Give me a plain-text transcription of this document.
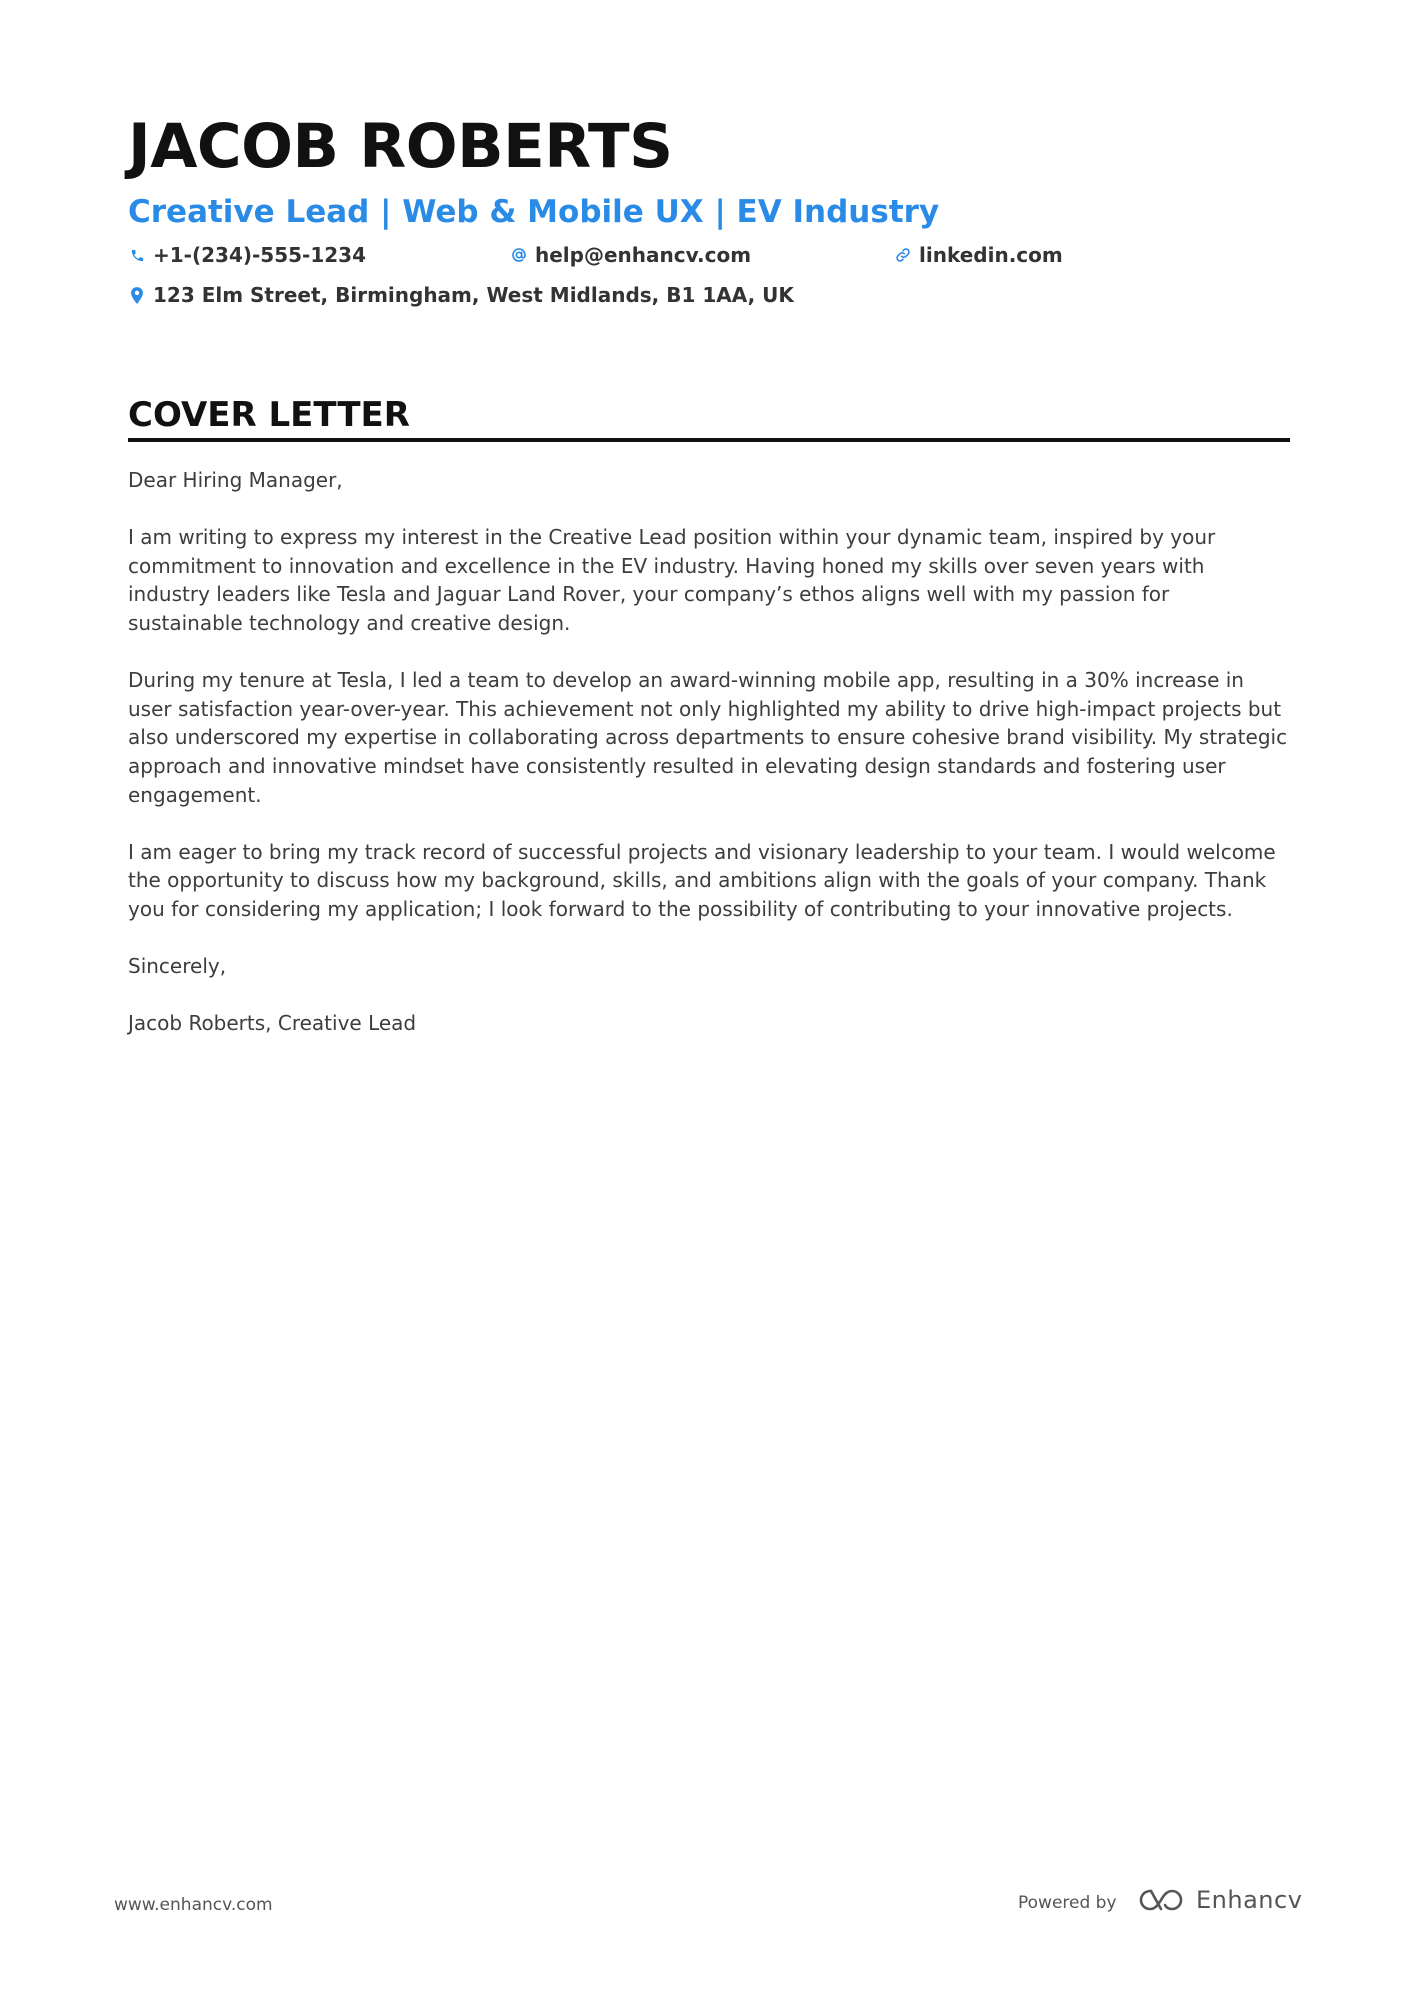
JACOB ROBERTS
Creative Lead | Web & Mobile UX | EV Industry
+1-(234)-555-1234	help@enhancv.com	linkedin.com
123 Elm Street, Birmingham, West Midlands, B1 1AA, UK
COVER LETTER

Dear Hiring Manager,

I am writing to express my interest in the Creative Lead position within your dynamic team, inspired by your commitment to innovation and excellence in the EV industry. Having honed my skills over seven years with industry leaders like Tesla and Jaguar Land Rover, your company’s ethos aligns well with my passion for sustainable technology and creative design.

During my tenure at Tesla, I led a team to develop an award-winning mobile app, resulting in a 30% increase in user satisfaction year-over-year. This achievement not only highlighted my ability to drive high-impact projects but also underscored my expertise in collaborating across departments to ensure cohesive brand visibility. My strategic approach and innovative mindset have consistently resulted in elevating design standards and fostering user engagement.

I am eager to bring my track record of successful projects and visionary leadership to your team. I would welcome the opportunity to discuss how my background, skills, and ambitions align with the goals of your company. Thank you for considering my application; I look forward to the possibility of contributing to your innovative projects.

Sincerely,

Jacob Roberts, Creative Lead

www.enhancv.com	Powered by	Enhancv
